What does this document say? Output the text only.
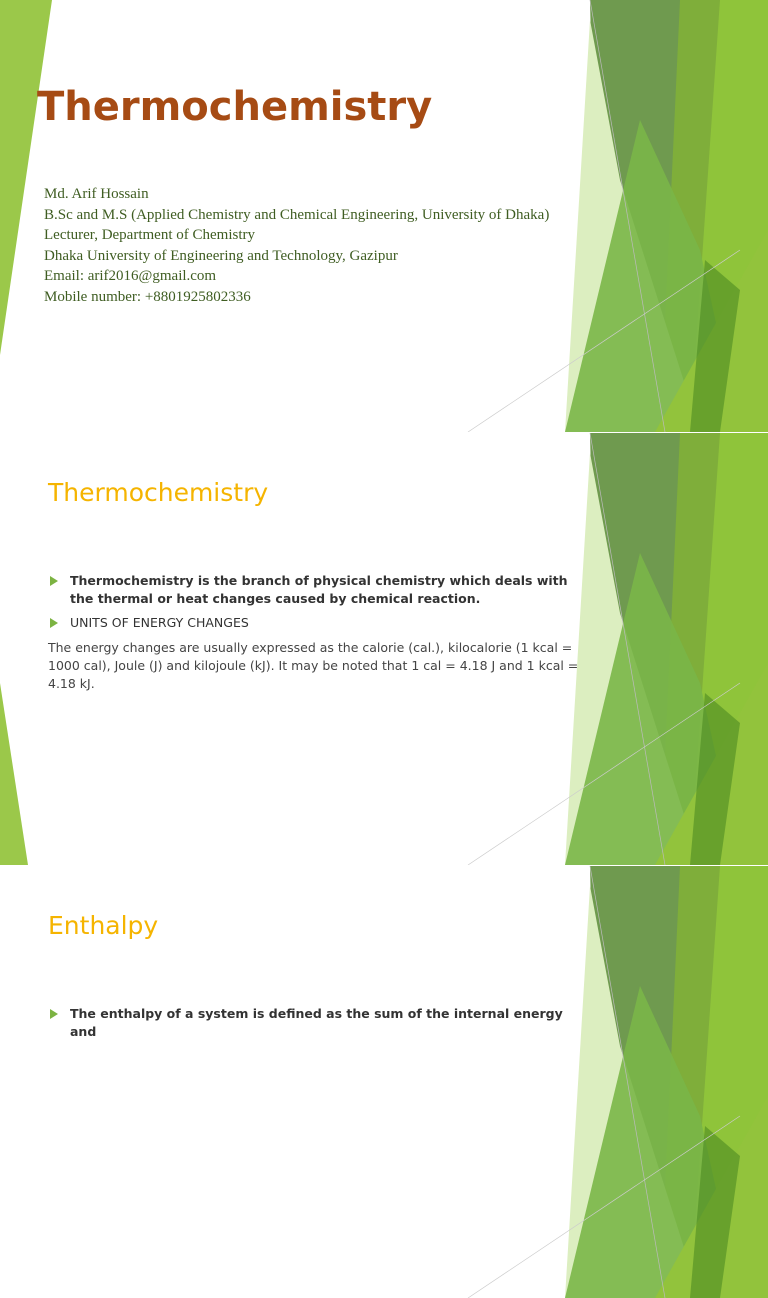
Thermochemistry
Md. Arif Hossain
B.Sc and M.S (Applied Chemistry and Chemical Engineering, University of Dhaka)
Lecturer, Department of Chemistry
Dhaka University of Engineering and Technology, Gazipur
Email: arif2016@gmail.com
Mobile number: +8801925802336
Thermochemistry
Thermochemistry is the branch of physical chemistry which deals with the thermal or heat changes caused by chemical reaction.
UNITS OF ENERGY CHANGES
The energy changes are usually expressed as the calorie (cal.), kilocalorie (1 kcal = 1000 cal), Joule (J) and kilojoule (kJ). It may be noted that 1 cal = 4.18 J and 1 kcal = 4.18 kJ.
Enthalpy
The enthalpy of a system is defined as the sum of the internal energy and
